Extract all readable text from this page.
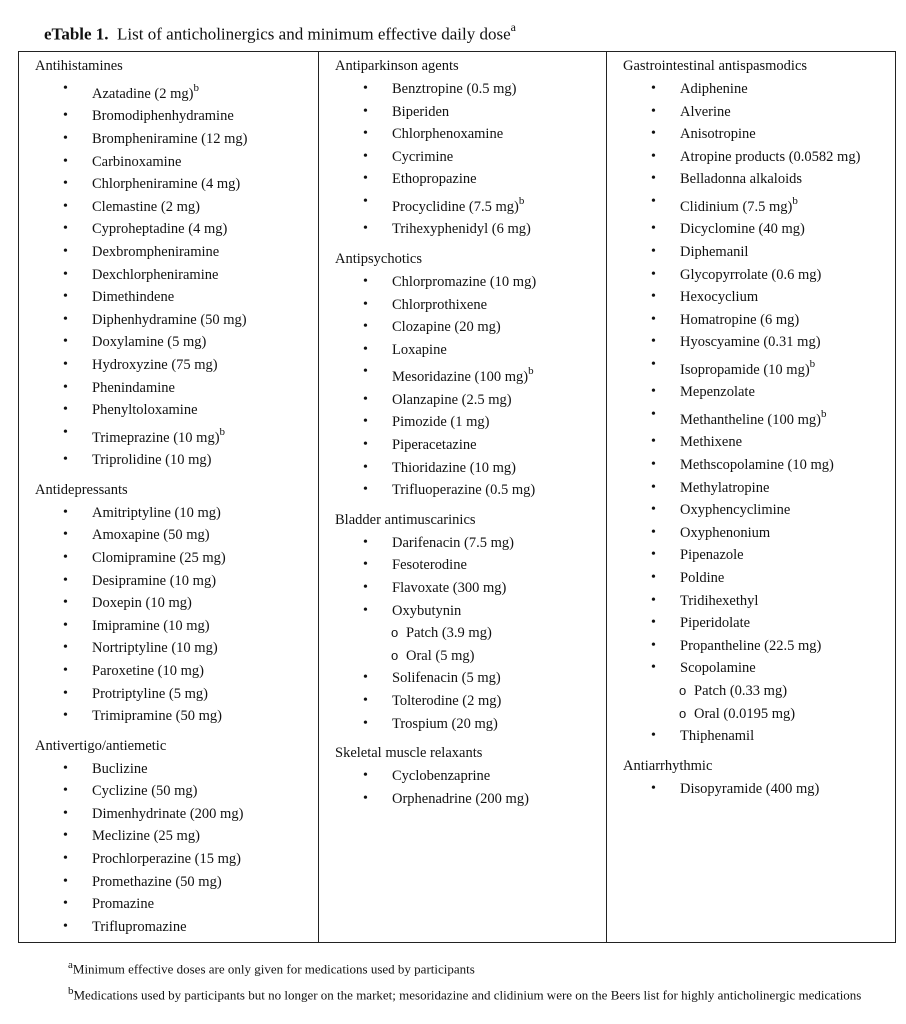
eTable 1. List of anticholinergics and minimum effective daily dose$^a$
Antihistamines
• Azatadine (2 mg)$^b$
• Bromodiphenhydramine
• Brompheniramine (12 mg)
• Carbinoxamine
• Chlorpheniramine (4 mg)
• Clemastine (2 mg)
• Cyproheptadine (4 mg)
• Dexbrompheniramine
• Dexchlorpheniramine
• Dimethindene
• Diphenhydramine (50 mg)
• Doxylamine (5 mg)
• Hydroxyzine (75 mg)
• Phenindamine
• Phenyltoloxamine
• Trimeprazine (10 mg)$^b$
• Triprolidine (10 mg)
Antidepressants
• Amitriptyline (10 mg)
• Amoxapine (50 mg)
• Clomipramine (25 mg)
• Desipramine (10 mg)
• Doxepin (10 mg)
• Imipramine (10 mg)
• Nortriptyline (10 mg)
• Paroxetine (10 mg)
• Protriptyline (5 mg)
• Trimipramine (50 mg)
Antivertigo/antiemetic
• Buclizine
• Cyclizine (50 mg)
• Dimenhydrinate (200 mg)
• Meclizine (25 mg)
• Prochlorperazine (15 mg)
• Promethazine (50 mg)
• Promazine
• Triflupromazine
Antiparkinson agents
• Benztropine (0.5 mg)
• Biperiden
• Chlorphenoxamine
• Cycrimine
• Ethopropazine
• Procyclidine (7.5 mg)$^b$
• Trihexyphenidyl (6 mg)
Antipsychotics
• Chlorpromazine (10 mg)
• Chlorprothixene
• Clozapine (20 mg)
• Loxapine
• Mesoridazine (100 mg)$^b$
• Olanzapine (2.5 mg)
• Pimozide (1 mg)
• Piperacetazine
• Thioridazine (10 mg)
• Trifluoperazine (0.5 mg)
Bladder antimuscarinics
• Darifenacin (7.5 mg)
• Fesoterodine
• Flavoxate (300 mg)
• Oxybutynin
o Patch (3.9 mg)
o Oral (5 mg)
• Solifenacin (5 mg)
• Tolterodine (2 mg)
• Trospium (20 mg)
Skeletal muscle relaxants
• Cyclobenzaprine
• Orphenadrine (200 mg)
Gastrointestinal antispasmodics
• Adiphenine
• Alverine
• Anisotropine
• Atropine products (0.0582 mg)
• Belladonna alkaloids
• Clidinium (7.5 mg)$^b$
• Dicyclomine (40 mg)
• Diphemanil
• Glycopyrrolate (0.6 mg)
• Hexocyclium
• Homatropine (6 mg)
• Hyoscyamine (0.31 mg)
• Isopropamide (10 mg)$^b$
• Mepenzolate
• Methantheline (100 mg)$^b$
• Methixene
• Methscopolamine (10 mg)
• Methylatropine
• Oxyphencyclimine
• Oxyphenonium
• Pipenazole
• Poldine
• Tridihexethyl
• Piperidolate
• Propantheline (22.5 mg)
• Scopolamine
o Patch (0.33 mg)
o Oral (0.0195 mg)
• Thiphenamil
Antiarrhythmic
• Disopyramide (400 mg)
$^a$Minimum effective doses are only given for medications used by participants
$^b$Medications used by participants but no longer on the market; mesoridazine and clidinium were on the Beers list for highly anticholinergic medications
